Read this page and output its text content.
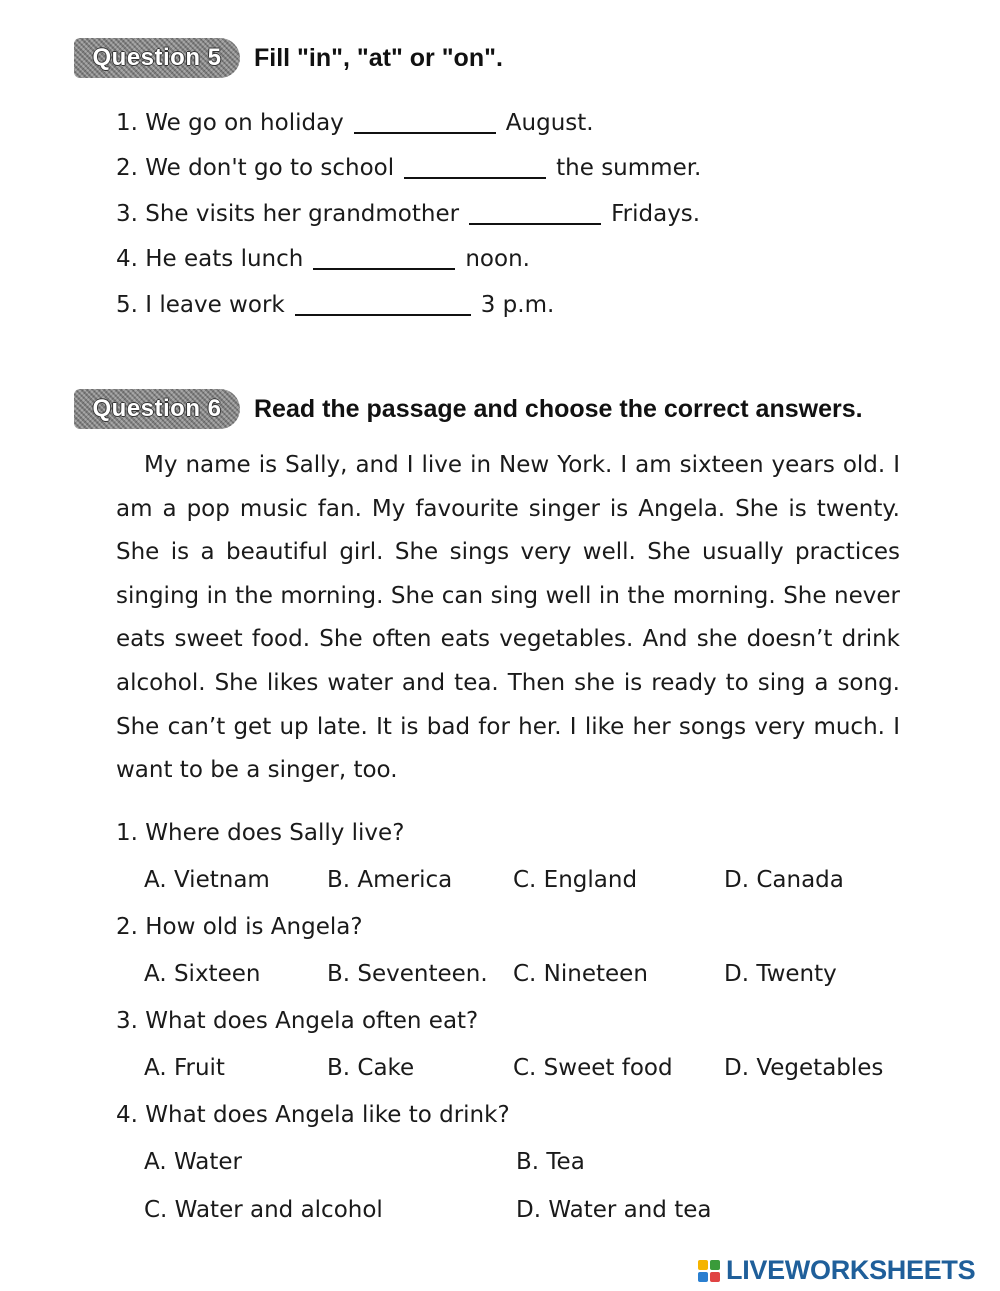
Question 5	Fill "in", "at" or "on".
1. We go on holiday	August.
2. We don't go to school	the summer.
3. She visits her grandmother	Fridays.
4. He eats lunch	noon.
5. I leave work	3 p.m.
Question 6	Read the passage and choose the correct answers.
My name is Sally, and I live in New York. I am sixteen years old. I am a pop music fan. My favourite singer is Angela. She is twenty. She is a beautiful girl. She sings very well. She usually practices singing in the morning. She can sing well in the morning. She never eats sweet food. She often eats vegetables. And she doesn’t drink alcohol. She likes water and tea. Then she is ready to sing a song. She can’t get up late. It is bad for her. I like her songs very much. I want to be a singer, too.
1. Where does Sally live?
A. Vietnam B. America	C. England	D. Canada
2. How old is Angela?
A. Sixteen	B. Seventeen. C. Nineteen	D. Twenty
3. What does Angela often eat?
A. Fruit	B. Cake	C. Sweet food D. Vegetables
4. What does Angela like to drink?
A. Water	B. Tea
C. Water and alcohol	D. Water and tea
LIVEWORKSHEETS
